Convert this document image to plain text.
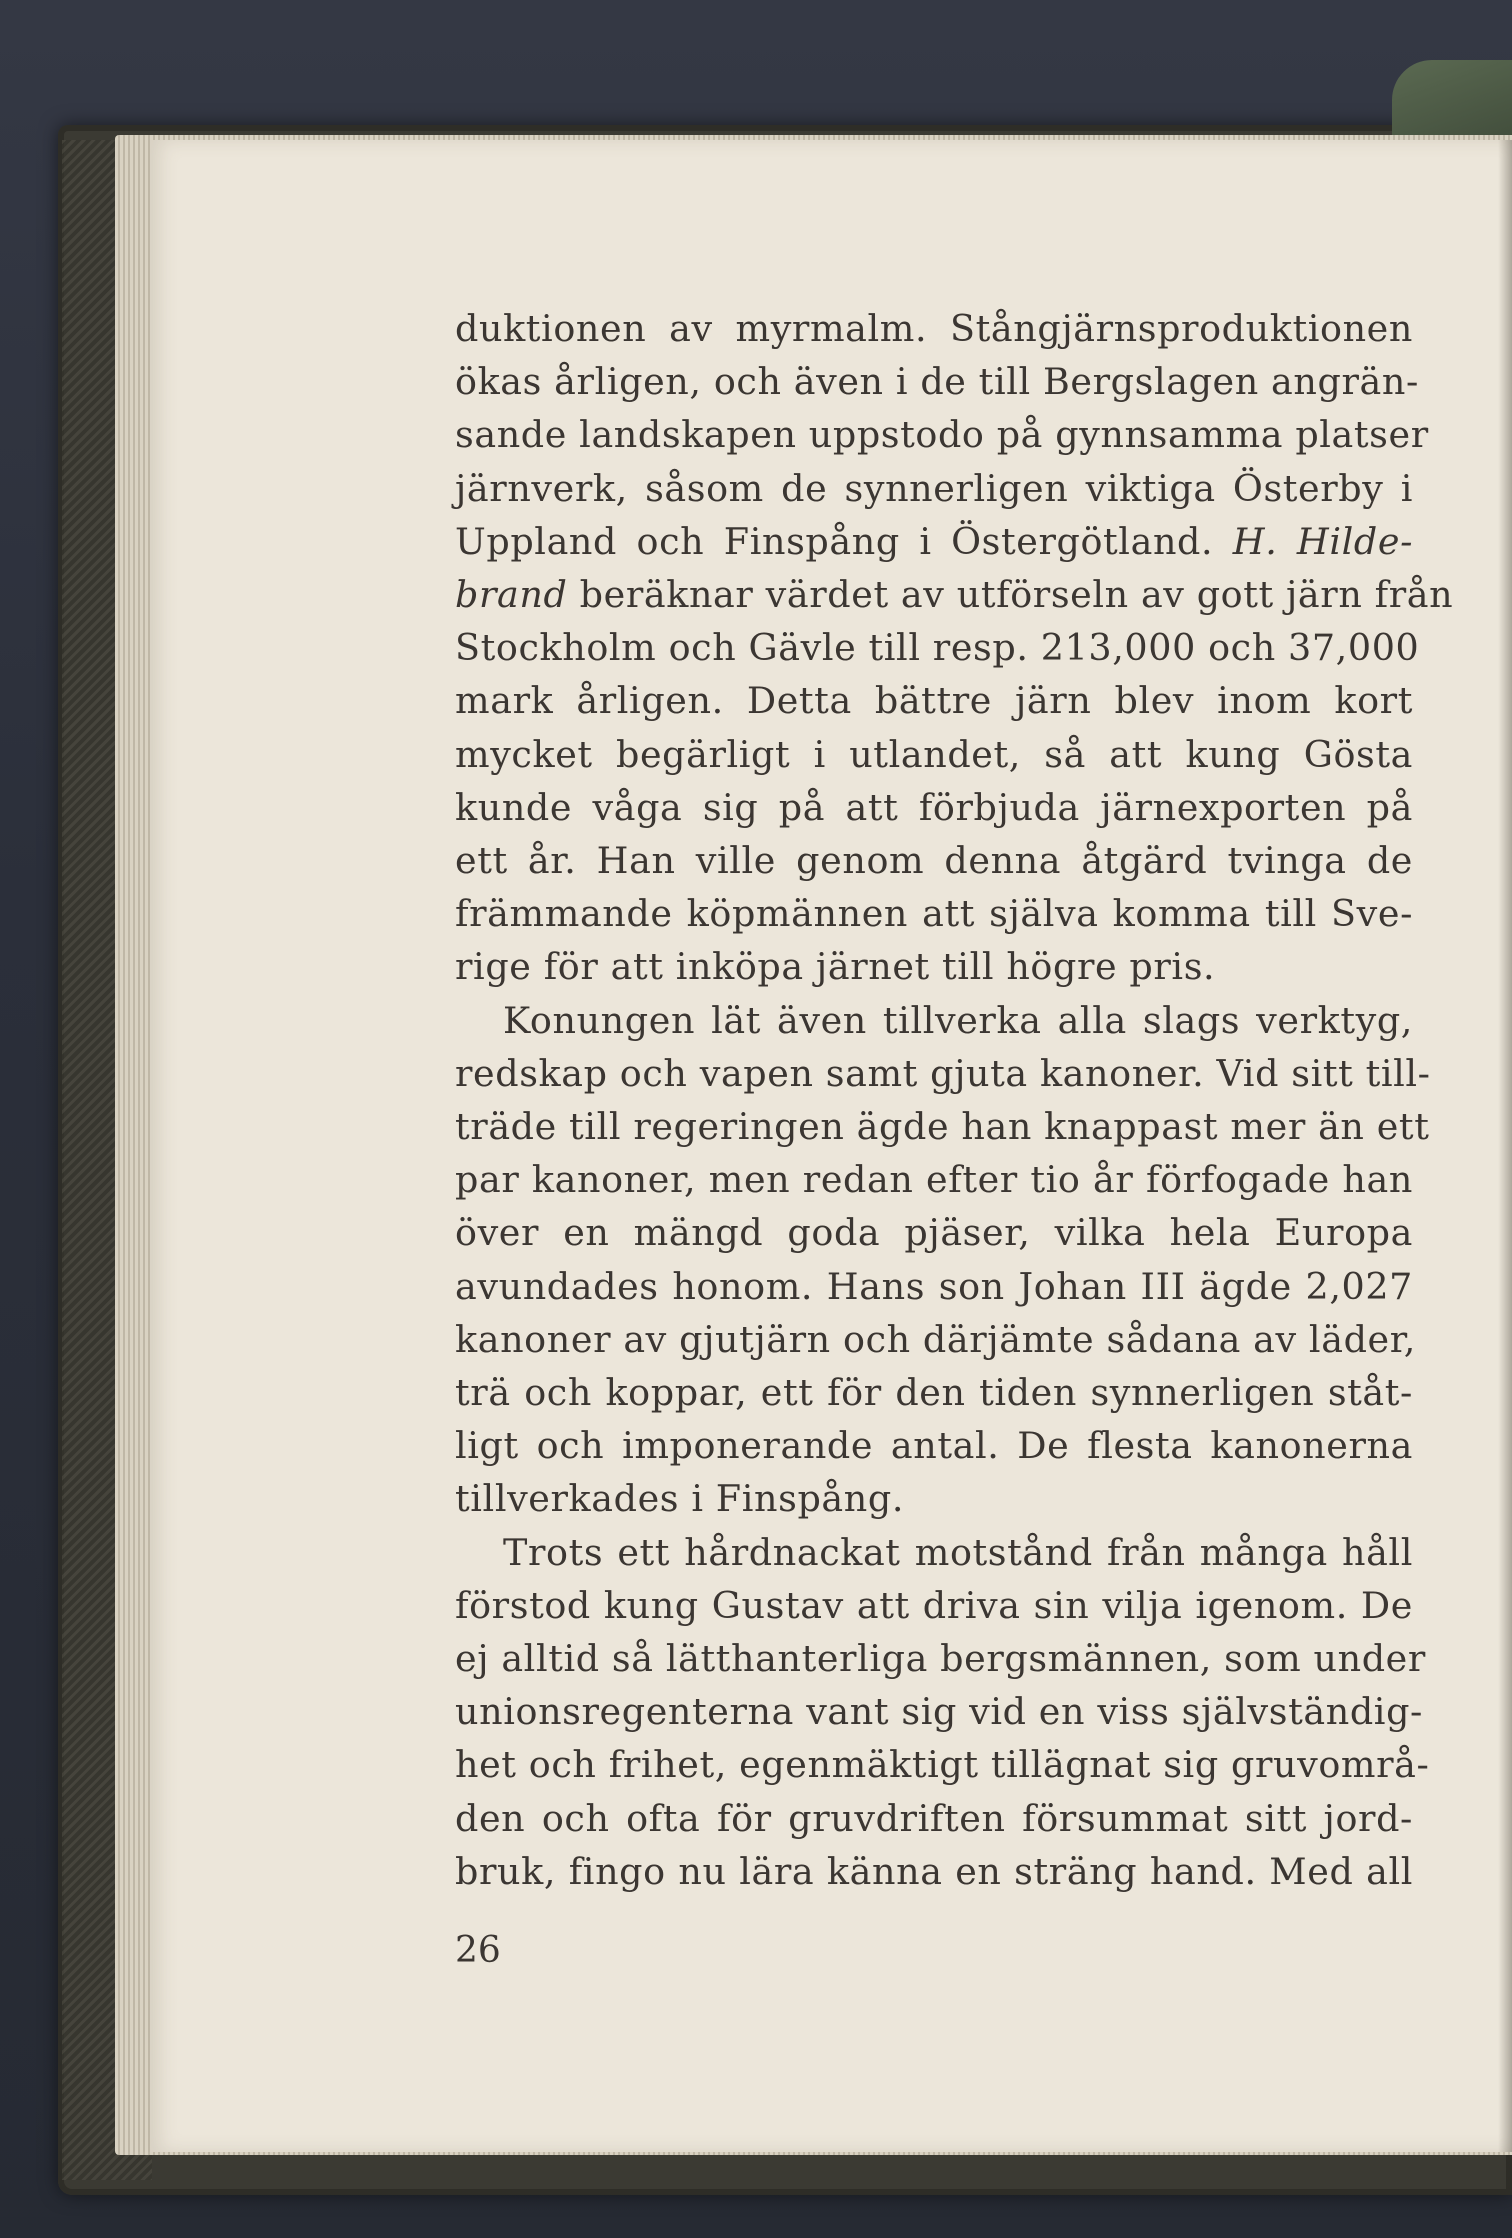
duktionen av myrmalm. Stångjärnsproduktionen
ökas årligen, och även i de till Bergslagen angrän-
sande landskapen uppstodo på gynnsamma platser
järnverk, såsom de synnerligen viktiga Österby i
Uppland och Finspång i Östergötland. H. Hilde-
brand beräknar värdet av utförseln av gott järn från
Stockholm och Gävle till resp. 213,000 och 37,000
mark årligen. Detta bättre järn blev inom kort
mycket begärligt i utlandet, så att kung Gösta
kunde våga sig på att förbjuda järnexporten på
ett år. Han ville genom denna åtgärd tvinga de
främmande köpmännen att själva komma till Sve-
rige för att inköpa järnet till högre pris.
Konungen lät även tillverka alla slags verktyg,
redskap och vapen samt gjuta kanoner. Vid sitt till-
träde till regeringen ägde han knappast mer än ett
par kanoner, men redan efter tio år förfogade han
över en mängd goda pjäser, vilka hela Europa
avundades honom. Hans son Johan III ägde 2,027
kanoner av gjutjärn och därjämte sådana av läder,
trä och koppar, ett för den tiden synnerligen ståt-
ligt och imponerande antal. De flesta kanonerna
tillverkades i Finspång.
Trots ett hårdnackat motstånd från många håll
förstod kung Gustav att driva sin vilja igenom. De
ej alltid så lätthanterliga bergsmännen, som under
unionsregenterna vant sig vid en viss självständig-
het och frihet, egenmäktigt tillägnat sig gruvområ-
den och ofta för gruvdriften försummat sitt jord-
bruk, fingo nu lära känna en sträng hand. Med all
26
